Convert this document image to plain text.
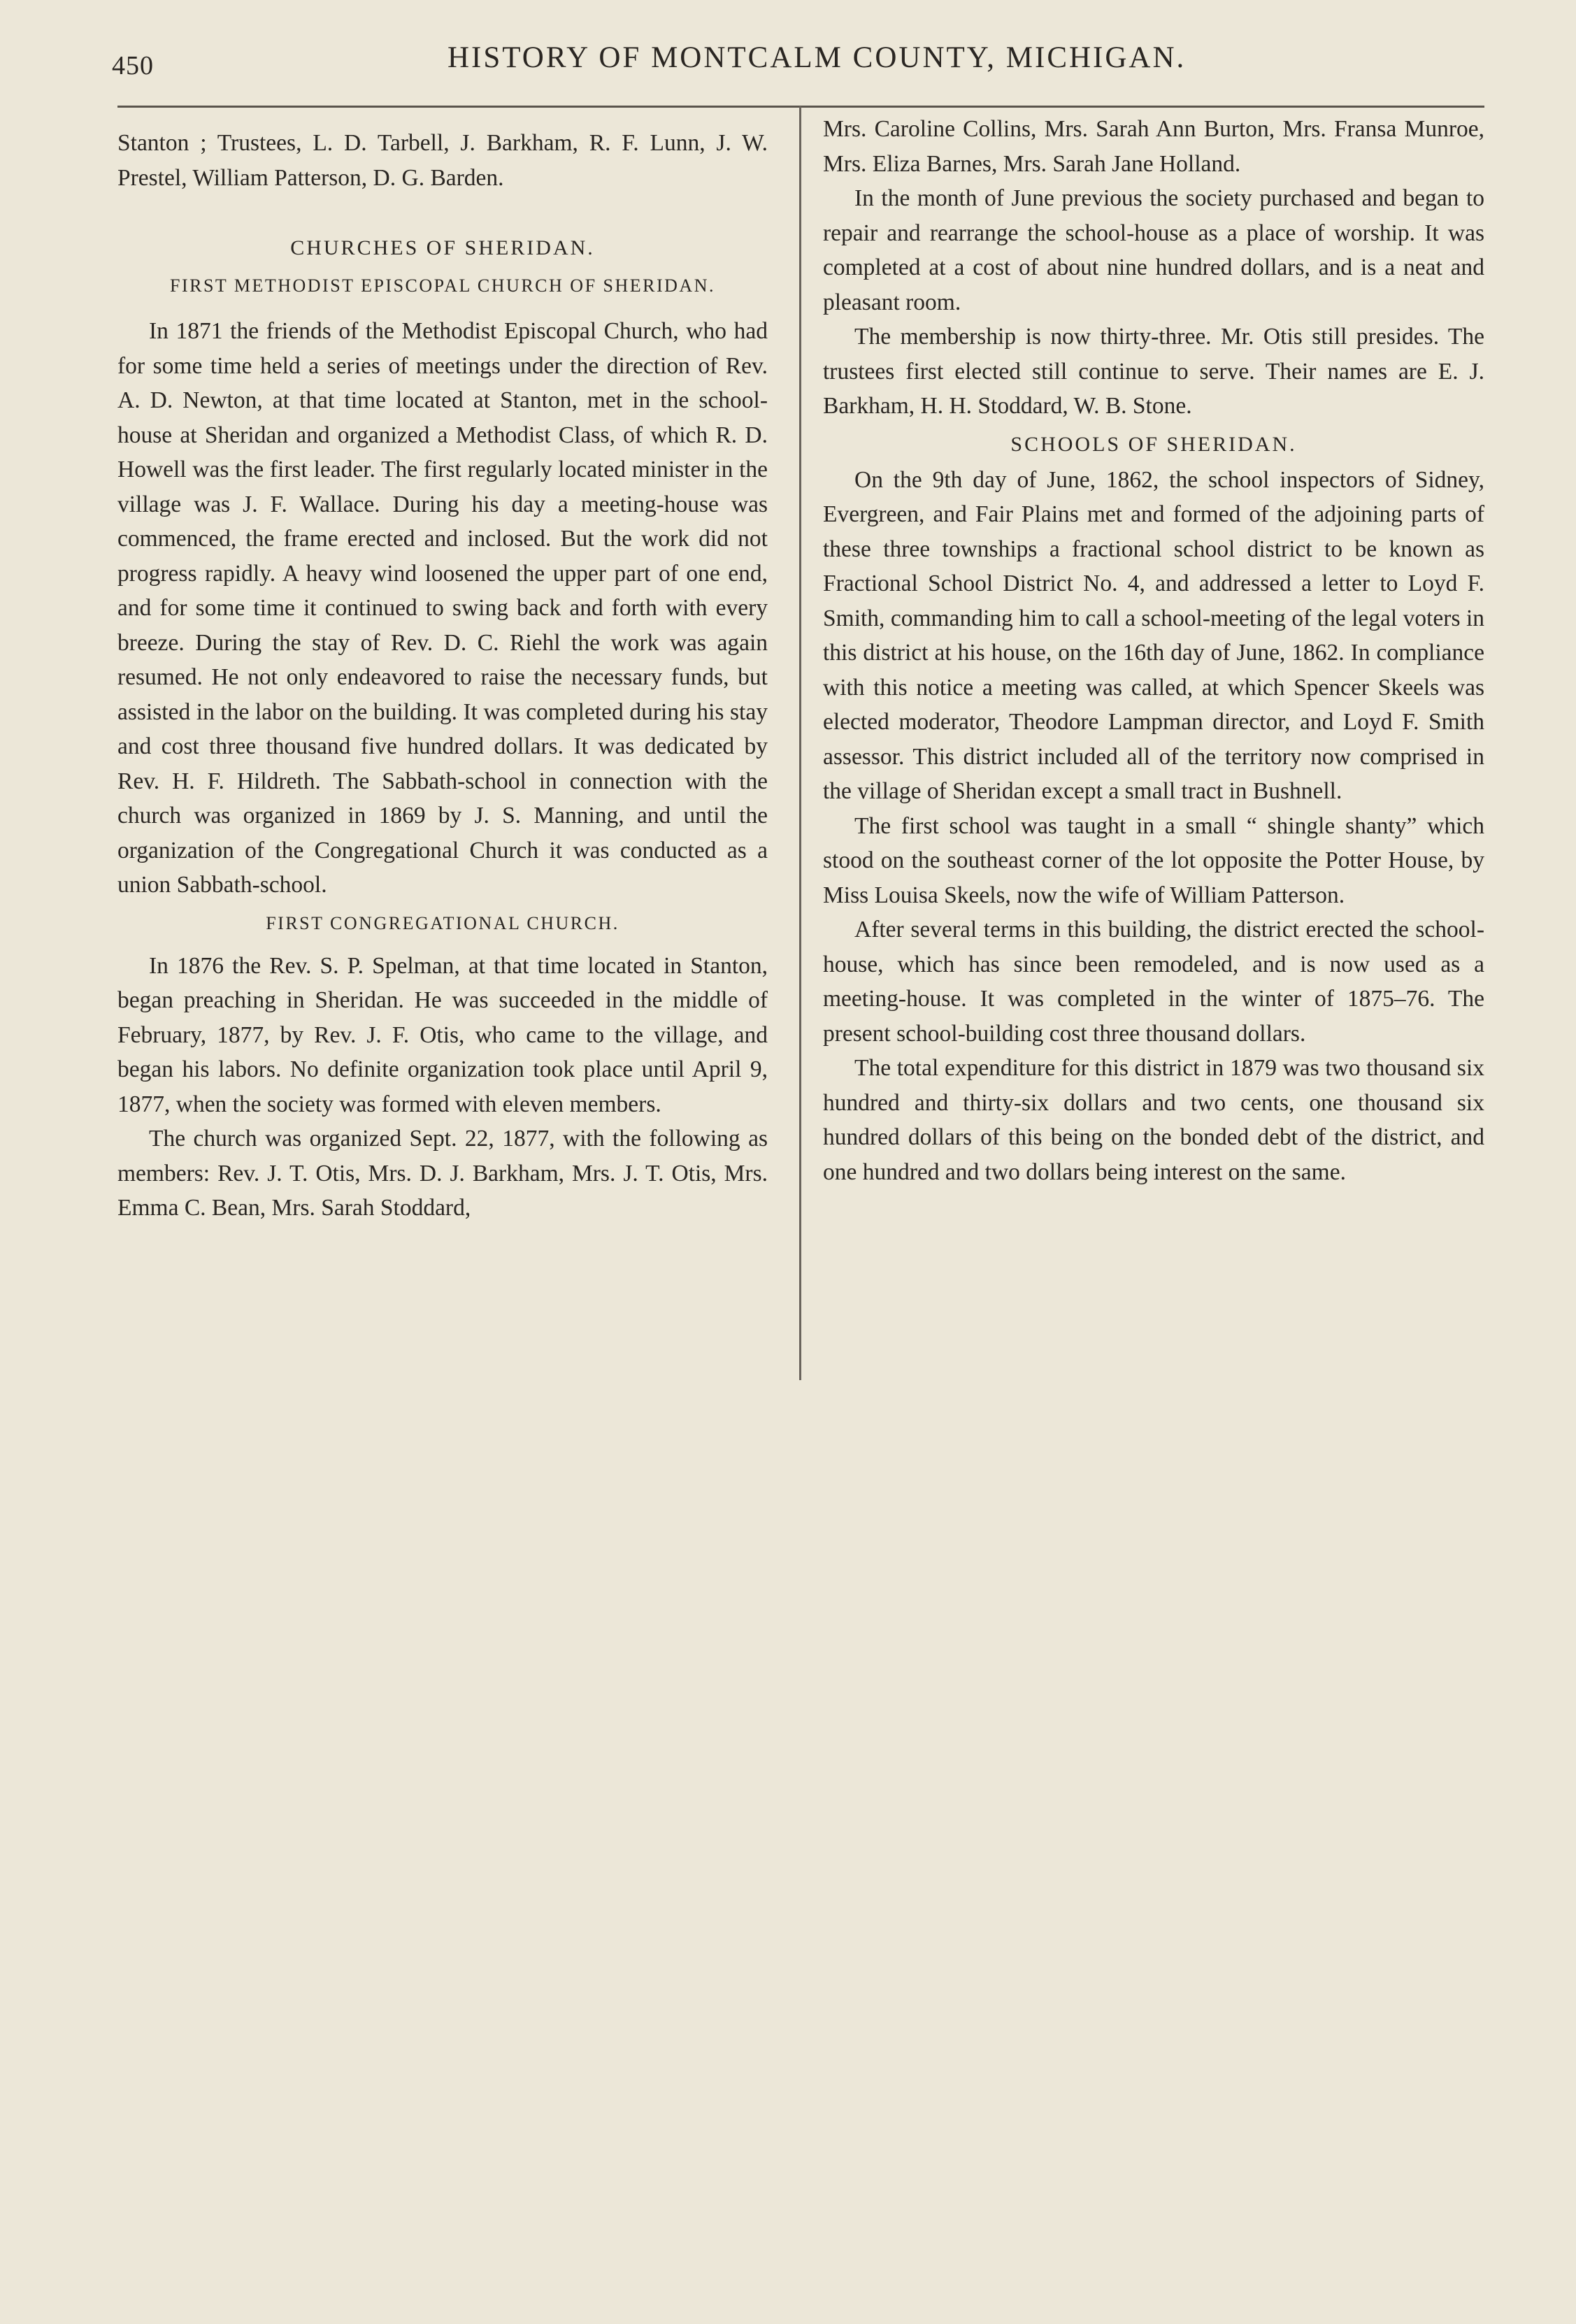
450	HISTORY OF MONTCALM COUNTY, MICHIGAN.

Stanton ; Trustees, L. D. Tarbell, J. Barkham, R. F. Lunn, J. W. Prestel, William Patterson, D. G. Barden.

CHURCHES OF SHERIDAN.
FIRST METHODIST EPISCOPAL CHURCH OF SHERIDAN.

In 1871 the friends of the Methodist Episcopal Church, who had for some time held a series of meetings under the direction of Rev. A. D. Newton, at that time located at Stanton, met in the school-house at Sheridan and organized a Methodist Class, of which R. D. Howell was the first leader. The first regularly located minister in the village was J. F. Wallace. During his day a meeting-house was commenced, the frame erected and inclosed. But the work did not progress rapidly. A heavy wind loosened the upper part of one end, and for some time it continued to swing back and forth with every breeze. During the stay of Rev. D. C. Riehl the work was again resumed. He not only endeavored to raise the necessary funds, but assisted in the labor on the building. It was completed during his stay and cost three thousand five hundred dollars. It was dedicated by Rev. H. F. Hildreth. The Sabbath-school in connection with the church was organized in 1869 by J. S. Manning, and until the organization of the Congregational Church it was conducted as a union Sabbath-school.

FIRST CONGREGATIONAL CHURCH.

In 1876 the Rev. S. P. Spelman, at that time located in Stanton, began preaching in Sheridan. He was succeeded in the middle of February, 1877, by Rev. J. F. Otis, who came to the village, and began his labors. No definite organization took place until April 9, 1877, when the society was formed with eleven members.

The church was organized Sept. 22, 1877, with the following as members: Rev. J. T. Otis, Mrs. D. J. Barkham, Mrs. J. T. Otis, Mrs. Emma C. Bean, Mrs. Sarah Stoddard,

Mrs. Caroline Collins, Mrs. Sarah Ann Burton, Mrs. Fransa Munroe, Mrs. Eliza Barnes, Mrs. Sarah Jane Holland.

In the month of June previous the society purchased and began to repair and rearrange the school-house as a place of worship. It was completed at a cost of about nine hundred dollars, and is a neat and pleasant room.

The membership is now thirty-three. Mr. Otis still presides. The trustees first elected still continue to serve. Their names are E. J. Barkham, H. H. Stoddard, W. B. Stone.

SCHOOLS OF SHERIDAN.

On the 9th day of June, 1862, the school inspectors of Sidney, Evergreen, and Fair Plains met and formed of the adjoining parts of these three townships a fractional school district to be known as Fractional School District No. 4, and addressed a letter to Loyd F. Smith, commanding him to call a school-meeting of the legal voters in this district at his house, on the 16th day of June, 1862. In compliance with this notice a meeting was called, at which Spencer Skeels was elected moderator, Theodore Lampman director, and Loyd F. Smith assessor. This district included all of the territory now comprised in the village of Sheridan except a small tract in Bushnell.

The first school was taught in a small “ shingle shanty” which stood on the southeast corner of the lot opposite the Potter House, by Miss Louisa Skeels, now the wife of William Patterson.

After several terms in this building, the district erected the school-house, which has since been remodeled, and is now used as a meeting-house. It was completed in the winter of 1875–76. The present school-building cost three thousand dollars.

The total expenditure for this district in 1879 was two thousand six hundred and thirty-six dollars and two cents, one thousand six hundred dollars of this being on the bonded debt of the district, and one hundred and two dollars being interest on the same.
